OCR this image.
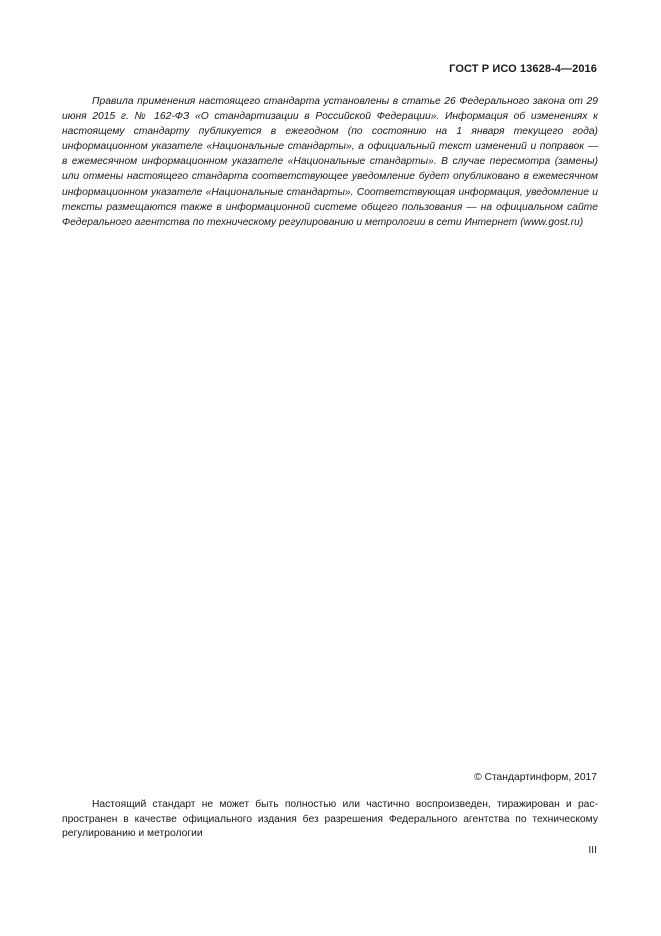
ГОСТ Р ИСО 13628-4—2016

Правила применения настоящего стандарта установлены в статье 26 Федерального закона от 29 июня 2015 г. № 162-ФЗ «О стандартизации в Российской Федерации». Информация об изменениях к настоящему стандарту публикуется в ежегодном (по состоянию на 1 января текущего года) информационном указателе «Национальные стандарты», а официальный текст изменений и поправок — в ежемесячном информационном указателе «Национальные стандарты». В случае пересмотра (замены) или отмены настоящего стандарта соответствующее уведомление будет опубликовано в ежемесячном информационном указателе «Национальные стандарты». Соответствующая информация, уведомление и тексты размещаются также в информационной системе общего пользования — на официальном сайте Федерального агентства по техническому регулированию и метрологии в сети Интернет (www.gost.ru)

© Стандартинформ, 2017

Настоящий стандарт не может быть полностью или частично воспроизведен, тиражирован и распространен в качестве официального издания без разрешения Федерального агентства по техническому регулированию и метрологии

III
